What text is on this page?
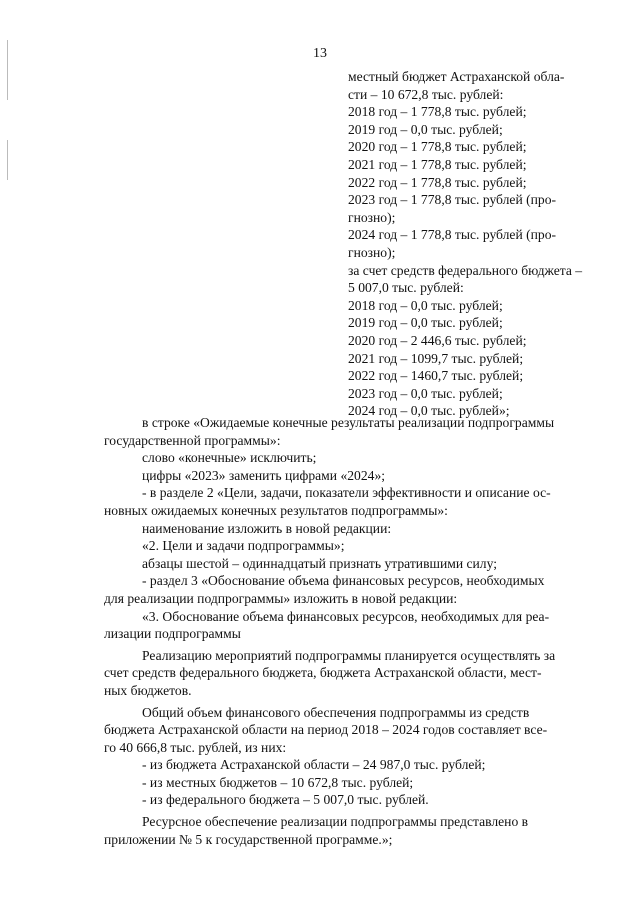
13
местный бюджет Астраханской обла-
сти – 10 672,8 тыс. рублей:
2018 год – 1 778,8 тыс. рублей;
2019 год – 0,0 тыс. рублей;
2020 год – 1 778,8 тыс. рублей;
2021 год – 1 778,8 тыс. рублей;
2022 год – 1 778,8 тыс. рублей;
2023 год – 1 778,8 тыс. рублей (про-
гнозно);
2024 год – 1 778,8 тыс. рублей (про-
гнозно);
за счет средств федерального бюджета –
5 007,0 тыс. рублей:
2018 год – 0,0 тыс. рублей;
2019 год – 0,0 тыс. рублей;
2020 год – 2 446,6 тыс. рублей;
2021 год – 1099,7 тыс. рублей;
2022 год – 1460,7 тыс. рублей;
2023 год – 0,0 тыс. рублей;
2024 год – 0,0 тыс. рублей»;
в строке «Ожидаемые конечные результаты реализации подпрограммы
государственной программы»:
слово «конечные» исключить;
цифры «2023» заменить цифрами «2024»;
- в разделе 2 «Цели, задачи, показатели эффективности и описание ос-
новных ожидаемых конечных результатов подпрограммы»:
наименование изложить в новой редакции:
«2. Цели и задачи подпрограммы»;
абзацы шестой – одиннадцатый признать утратившими силу;
- раздел 3 «Обоснование объема финансовых ресурсов, необходимых
для реализации подпрограммы» изложить в новой редакции:
«3. Обоснование объема финансовых ресурсов, необходимых для реа-
лизации подпрограммы
Реализацию мероприятий подпрограммы планируется осуществлять за
счет средств федерального бюджета, бюджета Астраханской области, мест-
ных бюджетов.
Общий объем финансового обеспечения подпрограммы из средств
бюджета Астраханской области на период 2018 – 2024 годов составляет все-
го 40 666,8 тыс. рублей, из них:
- из бюджета Астраханской области – 24 987,0 тыс. рублей;
- из местных бюджетов – 10 672,8 тыс. рублей;
- из федерального бюджета – 5 007,0 тыс. рублей.
Ресурсное обеспечение реализации подпрограммы представлено в
приложении № 5 к государственной программе.»;
